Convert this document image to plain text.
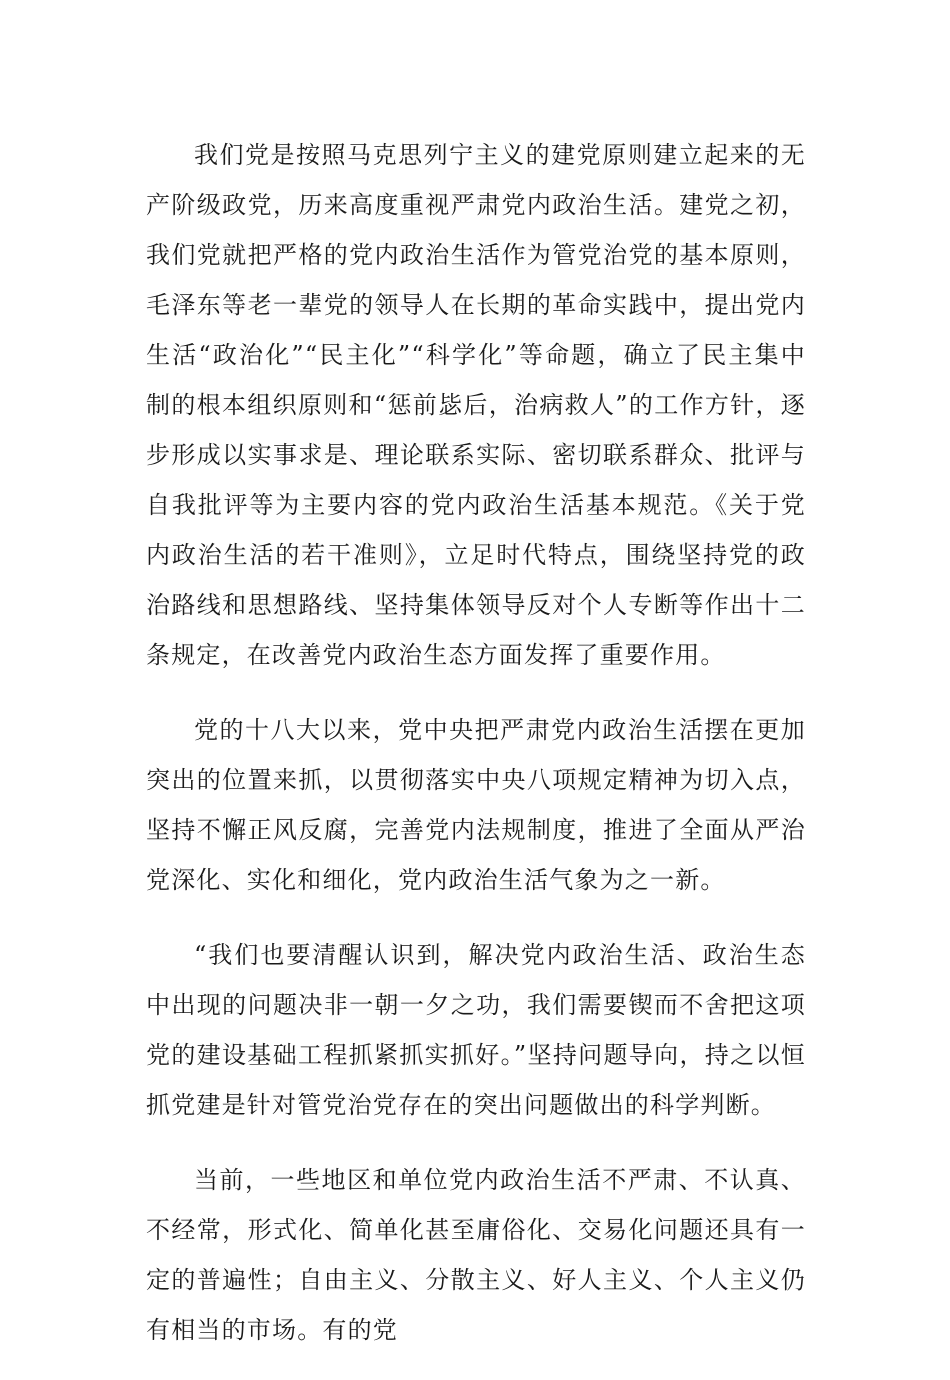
我们党是按照马克思列宁主义的建党原则建立起来的无产阶级政党，历来高度重视严肃党内政治生活。建党之初，我们党就把严格的党内政治生活作为管党治党的基本原则，毛泽东等老一辈党的领导人在长期的革命实践中，提出党内生活“政治化”“民主化”“科学化”等命题，确立了民主集中制的根本组织原则和“惩前毖后，治病救人”的工作方针，逐步形成以实事求是、理论联系实际、密切联系群众、批评与自我批评等为主要内容的党内政治生活基本规范。《关于党内政治生活的若干准则》，立足时代特点，围绕坚持党的政治路线和思想路线、坚持集体领导反对个人专断等作出十二条规定，在改善党内政治生态方面发挥了重要作用。

党的十八大以来，党中央把严肃党内政治生活摆在更加突出的位置来抓，以贯彻落实中央八项规定精神为切入点，坚持不懈正风反腐，完善党内法规制度，推进了全面从严治党深化、实化和细化，党内政治生活气象为之一新。

“我们也要清醒认识到，解决党内政治生活、政治生态中出现的问题决非一朝一夕之功，我们需要锲而不舍把这项党的建设基础工程抓紧抓实抓好。”坚持问题导向，持之以恒抓党建是针对管党治党存在的突出问题做出的科学判断。

当前，一些地区和单位党内政治生活不严肃、不认真、不经常，形式化、简单化甚至庸俗化、交易化问题还具有一定的普遍性；自由主义、分散主义、好人主义、个人主义仍有相当的市场。有的党
